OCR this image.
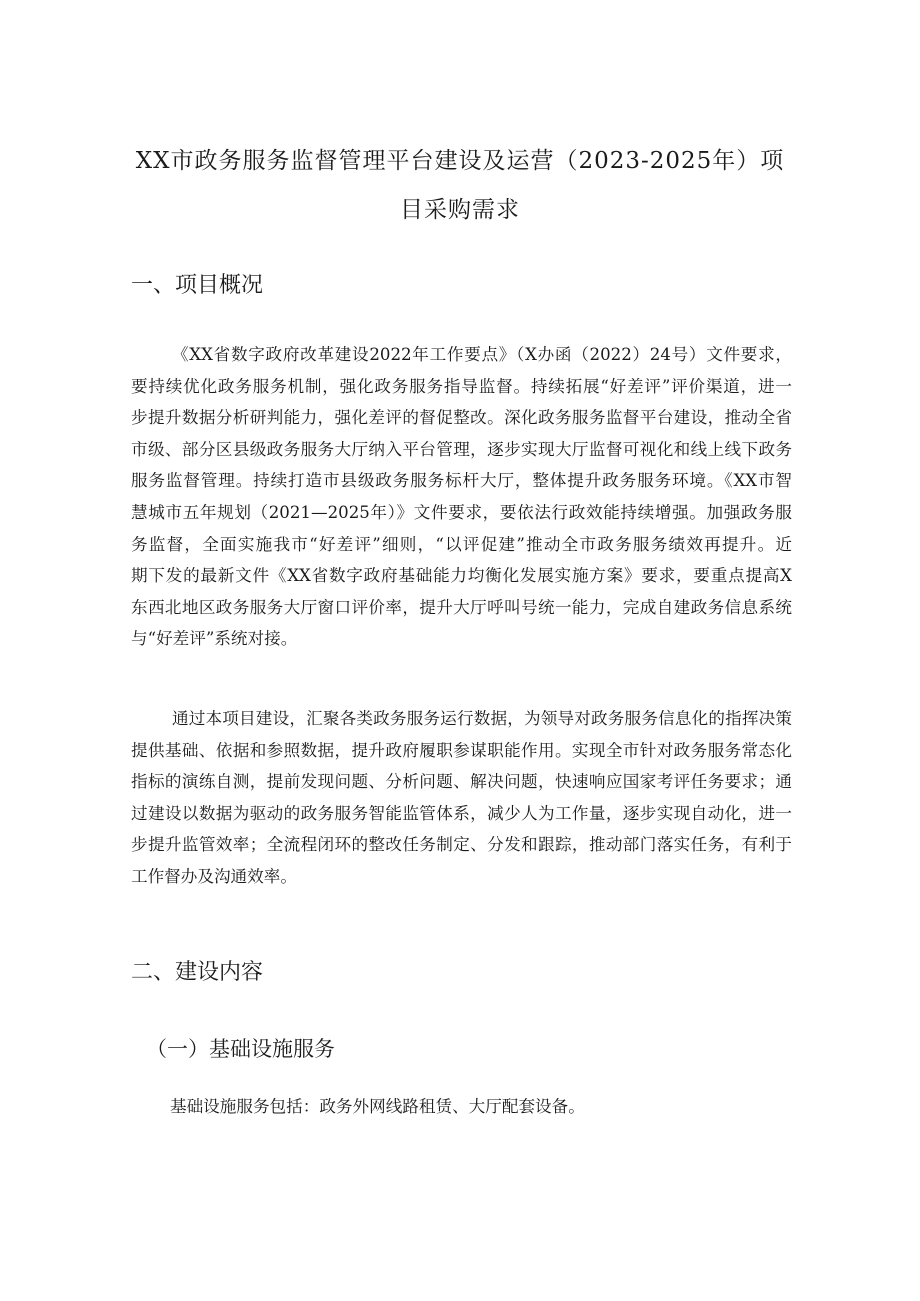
XX市政务服务监督管理平台建设及运营（2023-2025年）项
目采购需求
一、项目概况
《XX省数字政府改革建设2022年工作要点》（X办函（2022）24号）文件要求，
要持续优化政务服务机制，强化政务服务指导监督。持续拓展“好差评”评价渠道，进一
步提升数据分析研判能力，强化差评的督促整改。深化政务服务监督平台建设，推动全省
市级、部分区县级政务服务大厅纳入平台管理，逐步实现大厅监督可视化和线上线下政务
服务监督管理。持续打造市县级政务服务标杆大厅，整体提升政务服务环境。《XX市智
慧城市五年规划（2021—2025年）》文件要求，要依法行政效能持续增强。加强政务服
务监督，全面实施我市“好差评”细则，“以评促建”推动全市政务服务绩效再提升。近
期下发的最新文件《XX省数字政府基础能力均衡化发展实施方案》要求，要重点提高X
东西北地区政务服务大厅窗口评价率，提升大厅呼叫号统一能力，完成自建政务信息系统
与“好差评”系统对接。
通过本项目建设，汇聚各类政务服务运行数据，为领导对政务服务信息化的指挥决策
提供基础、依据和参照数据，提升政府履职参谋职能作用。实现全市针对政务服务常态化
指标的演练自测，提前发现问题、分析问题、解决问题，快速响应国家考评任务要求；通
过建设以数据为驱动的政务服务智能监管体系，减少人为工作量，逐步实现自动化，进一
步提升监管效率；全流程闭环的整改任务制定、分发和跟踪，推动部门落实任务，有利于
工作督办及沟通效率。
二、建设内容
（一）基础设施服务

基础设施服务包括：政务外网线路租赁、大厅配套设备。
